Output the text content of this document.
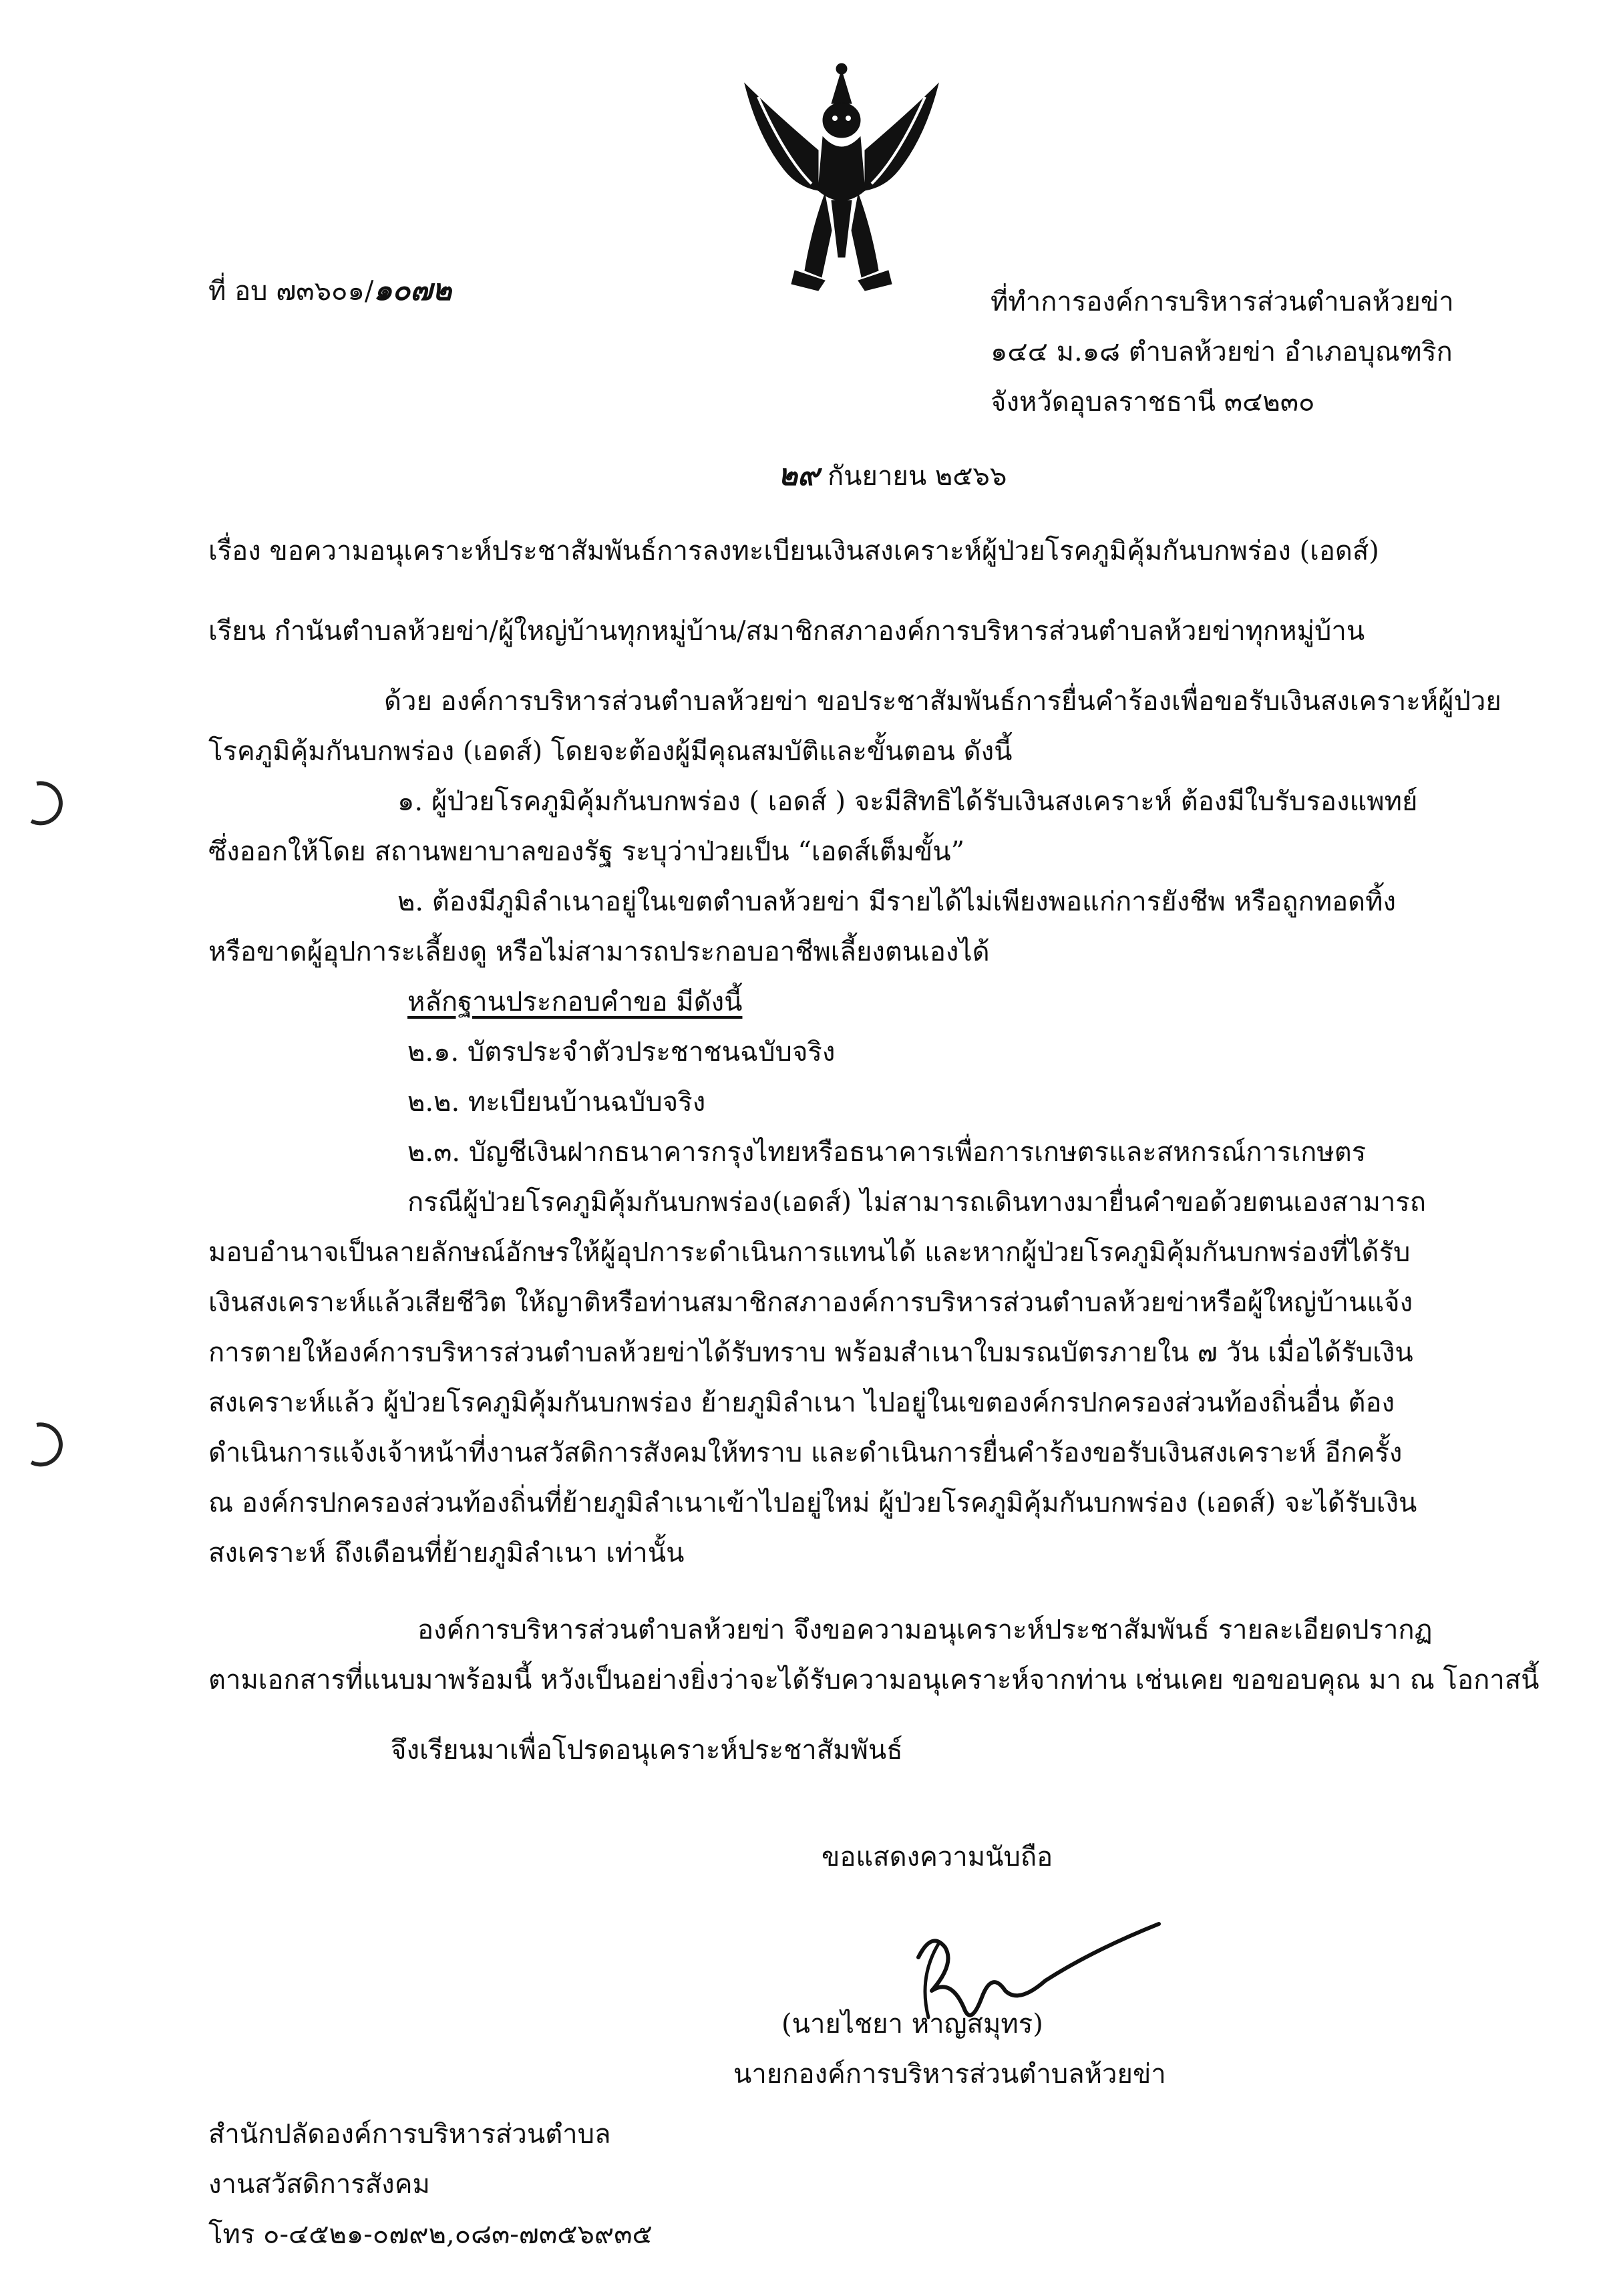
ที่ อบ ๗๓๖๐๑/๑๐๗๒	ที่ทำการองค์การบริหารส่วนตำบลห้วยข่า
๑๔๔ ม.๑๘ ตำบลห้วยข่า อำเภอบุณฑริก
จังหวัดอุบลราชธานี ๓๔๒๓๐
๒๙ กันยายน ๒๕๖๖
เรื่อง ขอความอนุเคราะห์ประชาสัมพันธ์การลงทะเบียนเงินสงเคราะห์ผู้ป่วยโรคภูมิคุ้มกันบกพร่อง (เอดส์)
เรียน กำนันตำบลห้วยข่า/ผู้ใหญ่บ้านทุกหมู่บ้าน/สมาชิกสภาองค์การบริหารส่วนตำบลห้วยข่าทุกหมู่บ้าน
ด้วย องค์การบริหารส่วนตำบลห้วยข่า ขอประชาสัมพันธ์การยื่นคำร้องเพื่อขอรับเงินสงเคราะห์ผู้ป่วย
โรคภูมิคุ้มกันบกพร่อง (เอดส์) โดยจะต้องผู้มีคุณสมบัติและขั้นตอน ดังนี้
๑. ผู้ป่วยโรคภูมิคุ้มกันบกพร่อง ( เอดส์ ) จะมีสิทธิได้รับเงินสงเคราะห์ ต้องมีใบรับรองแพทย์
ซึ่งออกให้โดย สถานพยาบาลของรัฐ ระบุว่าป่วยเป็น “เอดส์เต็มขั้น”
๒. ต้องมีภูมิลำเนาอยู่ในเขตตำบลห้วยข่า มีรายได้ไม่เพียงพอแก่การยังชีพ หรือถูกทอดทิ้ง
หรือขาดผู้อุปการะเลี้ยงดู หรือไม่สามารถประกอบอาชีพเลี้ยงตนเองได้
หลักฐานประกอบคำขอ มีดังนี้
๒.๑. บัตรประจำตัวประชาชนฉบับจริง
๒.๒. ทะเบียนบ้านฉบับจริง
๒.๓. บัญชีเงินฝากธนาคารกรุงไทยหรือธนาคารเพื่อการเกษตรและสหกรณ์การเกษตร
กรณีผู้ป่วยโรคภูมิคุ้มกันบกพร่อง(เอดส์) ไม่สามารถเดินทางมายื่นคำขอด้วยตนเองสามารถ
มอบอำนาจเป็นลายลักษณ์อักษรให้ผู้อุปการะดำเนินการแทนได้ และหากผู้ป่วยโรคภูมิคุ้มกันบกพร่องที่ได้รับ
เงินสงเคราะห์แล้วเสียชีวิต ให้ญาติหรือท่านสมาชิกสภาองค์การบริหารส่วนตำบลห้วยข่าหรือผู้ใหญ่บ้านแจ้ง
การตายให้องค์การบริหารส่วนตำบลห้วยข่าได้รับทราบ พร้อมสำเนาใบมรณบัตรภายใน ๗ วัน เมื่อได้รับเงิน
สงเคราะห์แล้ว ผู้ป่วยโรคภูมิคุ้มกันบกพร่อง ย้ายภูมิลำเนา ไปอยู่ในเขตองค์กรปกครองส่วนท้องถิ่นอื่น ต้อง
ดำเนินการแจ้งเจ้าหน้าที่งานสวัสดิการสังคมให้ทราบ และดำเนินการยื่นคำร้องขอรับเงินสงเคราะห์ อีกครั้ง
ณ องค์กรปกครองส่วนท้องถิ่นที่ย้ายภูมิลำเนาเข้าไปอยู่ใหม่ ผู้ป่วยโรคภูมิคุ้มกันบกพร่อง (เอดส์) จะได้รับเงิน
สงเคราะห์ ถึงเดือนที่ย้ายภูมิลำเนา เท่านั้น
องค์การบริหารส่วนตำบลห้วยข่า จึงขอความอนุเคราะห์ประชาสัมพันธ์ รายละเอียดปรากฏ
ตามเอกสารที่แนบมาพร้อมนี้ หวังเป็นอย่างยิ่งว่าจะได้รับความอนุเคราะห์จากท่าน เช่นเคย ขอขอบคุณ มา ณ โอกาสนี้
จึงเรียนมาเพื่อโปรดอนุเคราะห์ประชาสัมพันธ์
ขอแสดงความนับถือ
(นายไชยา หาญสมุทร)
นายกองค์การบริหารส่วนตำบลห้วยข่า
สำนักปลัดองค์การบริหารส่วนตำบล
งานสวัสดิการสังคม
โทร ๐-๔๕๒๑-๐๗๙๒,๐๘๓-๗๓๕๖๙๓๕
